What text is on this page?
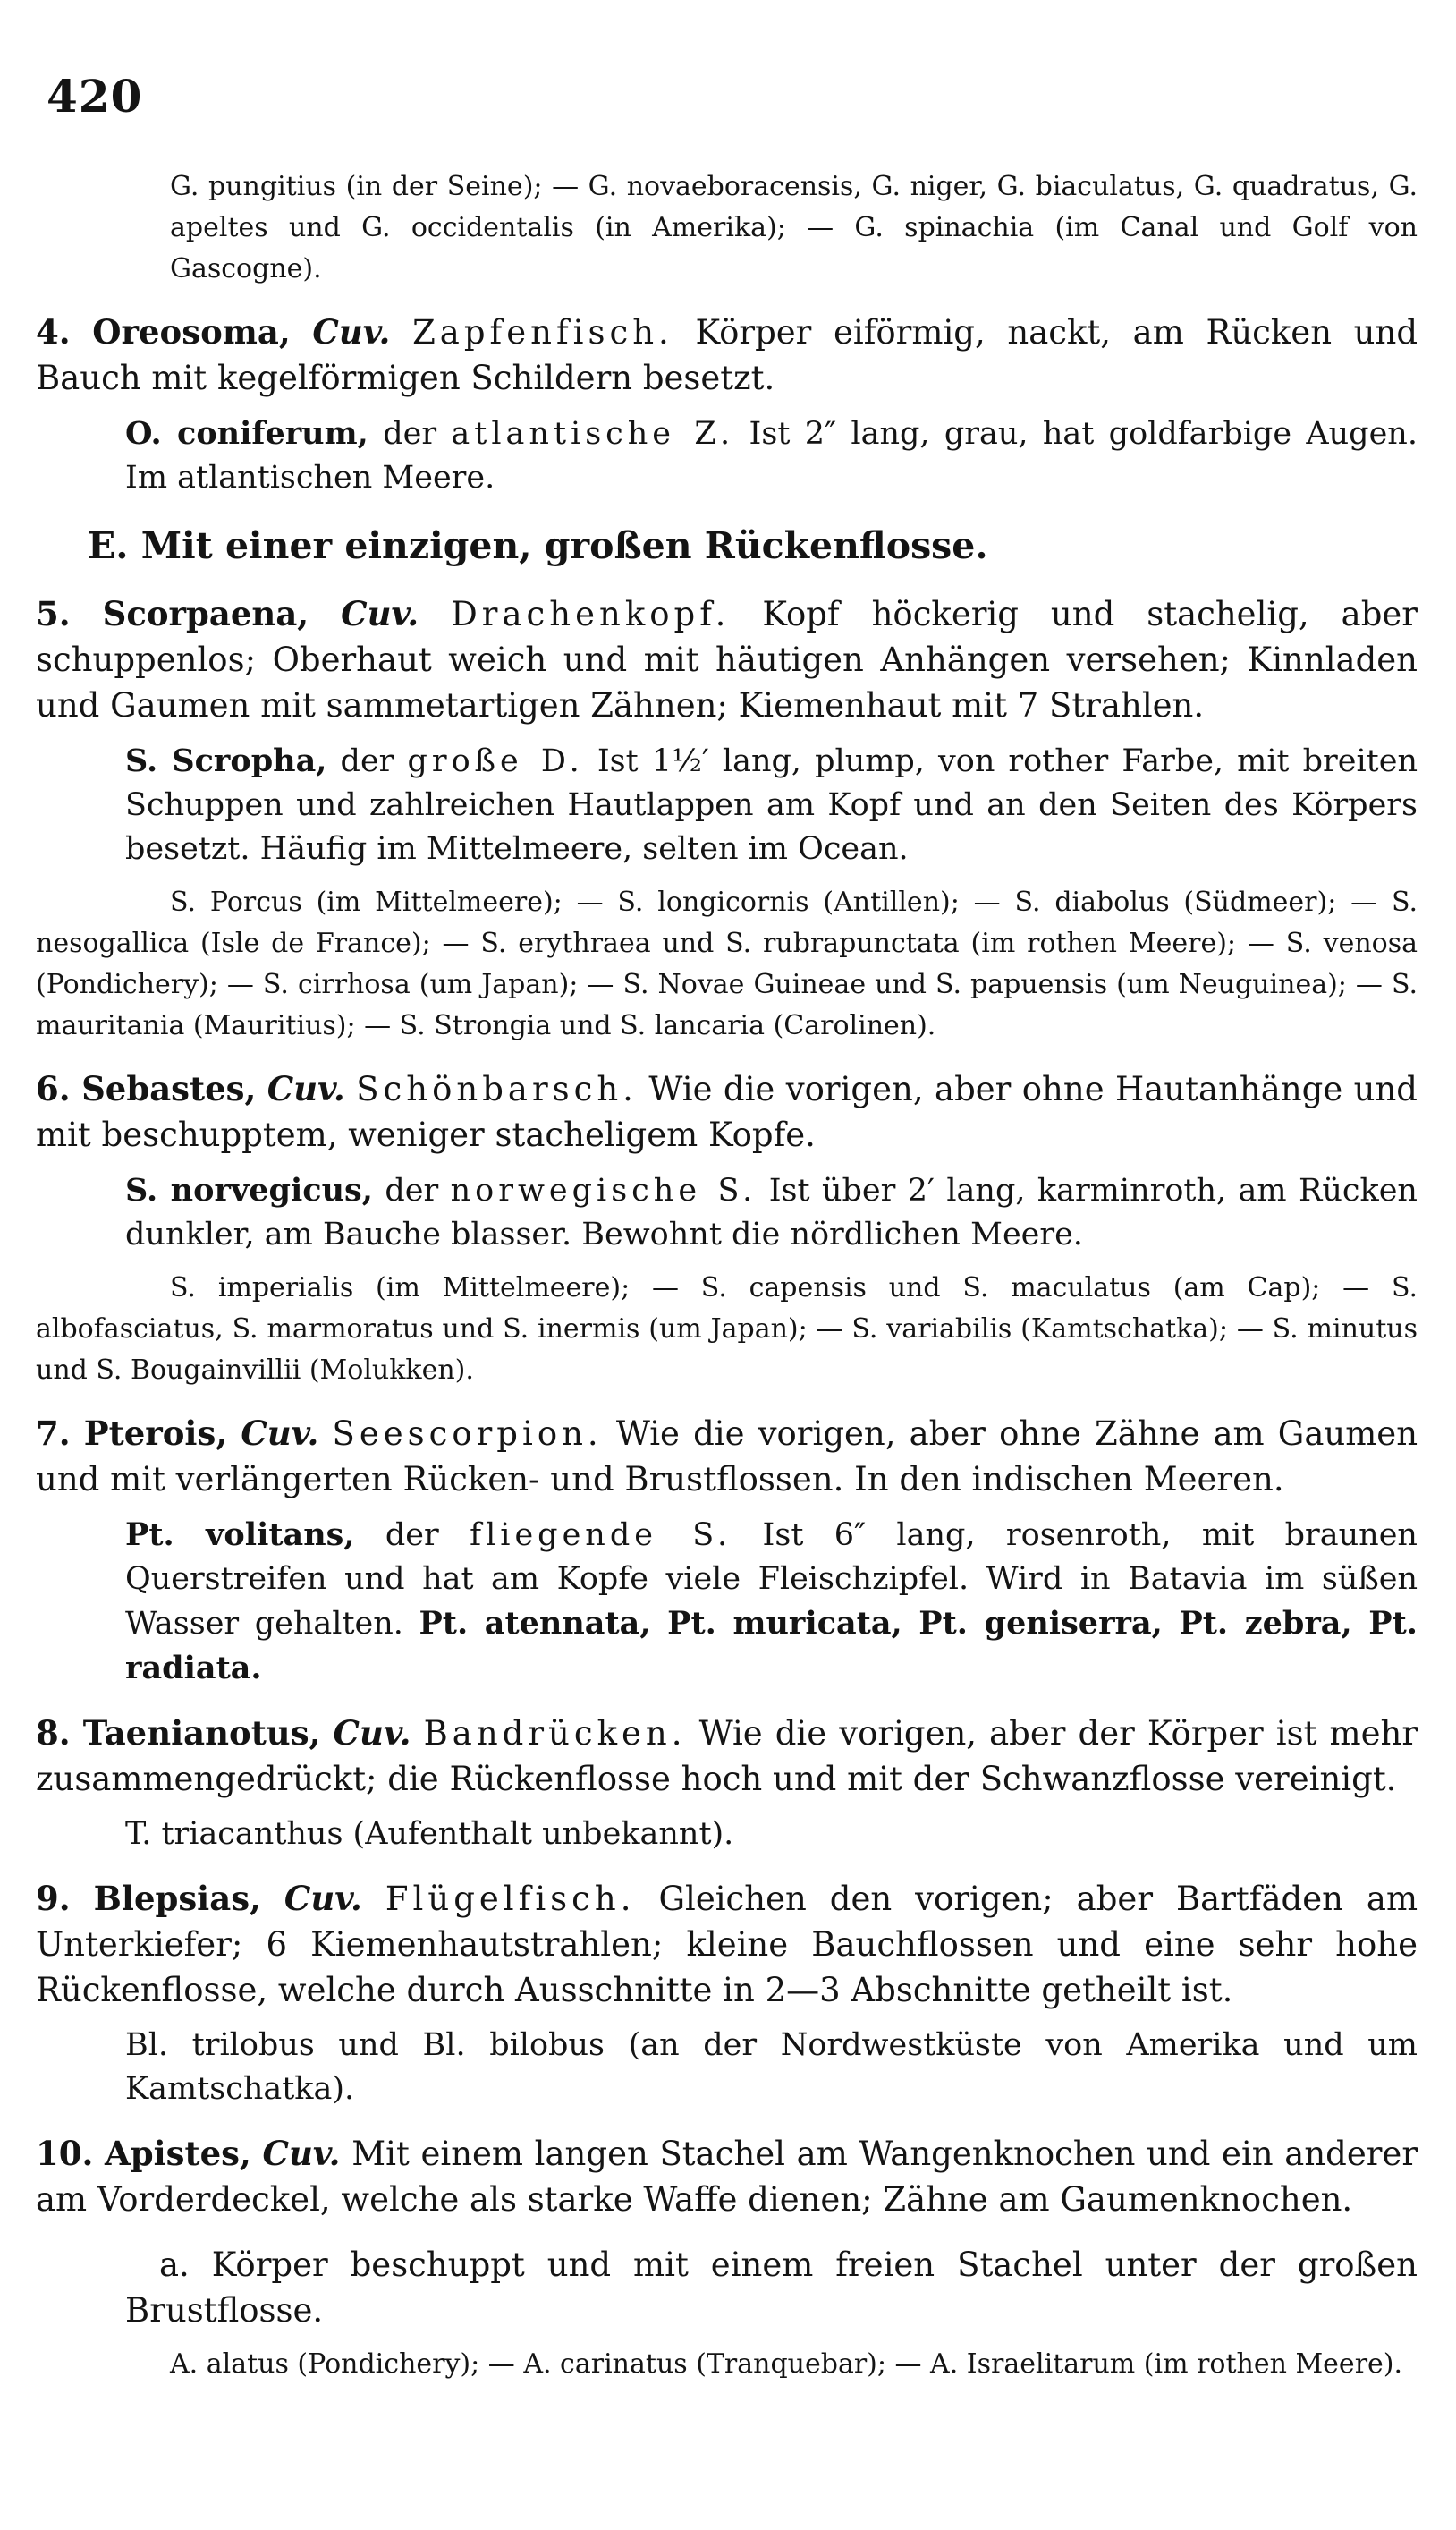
420

G. pungitius (in der Seine); — G. novaeboracensis, G. niger, G. biaculatus, G. quadratus, G. apeltes und G. occidentalis (in Amerika); — G. spinachia (im Canal und Golf von Gascogne).

4. Oreosoma, Cuv. Zapfenfisch. Körper eiförmig, nackt, am Rücken und Bauch mit kegelförmigen Schildern besetzt.

O. coniferum, der atlantische Z. Ist 2″ lang, grau, hat goldfarbige Augen. Im atlantischen Meere.

E. Mit einer einzigen, großen Rückenflosse.

5. Scorpaena, Cuv. Drachenkopf. Kopf höckerig und stachelig, aber schuppenlos; Oberhaut weich und mit häutigen Anhängen versehen; Kinnladen und Gaumen mit sammetartigen Zähnen; Kiemenhaut mit 7 Strahlen.

S. Scropha, der große D. Ist 1½′ lang, plump, von rother Farbe, mit breiten Schuppen und zahlreichen Hautlappen am Kopf und an den Seiten des Körpers besetzt. Häufig im Mittelmeere, selten im Ocean.

S. Porcus (im Mittelmeere); — S. longicornis (Antillen); — S. diabolus (Südmeer); — S. nesogallica (Isle de France); — S. erythraea und S. rubrapunctata (im rothen Meere); — S. venosa (Pondichery); — S. cirrhosa (um Japan); — S. Novae Guineae und S. papuensis (um Neuguinea); — S. mauritania (Mauritius); — S. Strongia und S. lancaria (Carolinen).

6. Sebastes, Cuv. Schönbarsch. Wie die vorigen, aber ohne Hautanhänge und mit beschupptem, weniger stacheligem Kopfe.

S. norvegicus, der norwegische S. Ist über 2′ lang, karminroth, am Rücken dunkler, am Bauche blasser. Bewohnt die nördlichen Meere.

S. imperialis (im Mittelmeere); — S. capensis und S. maculatus (am Cap); — S. albofasciatus, S. marmoratus und S. inermis (um Japan); — S. variabilis (Kamtschatka); — S. minutus und S. Bougainvillii (Molukken).

7. Pterois, Cuv. Seescorpion. Wie die vorigen, aber ohne Zähne am Gaumen und mit verlängerten Rücken- und Brustflossen. In den indischen Meeren.

Pt. volitans, der fliegende S. Ist 6″ lang, rosenroth, mit braunen Querstreifen und hat am Kopfe viele Fleischzipfel. Wird in Batavia im süßen Wasser gehalten. Pt. atennata, Pt. muricata, Pt. geniserra, Pt. zebra, Pt. radiata.

8. Taenianotus, Cuv. Bandrücken. Wie die vorigen, aber der Körper ist mehr zusammengedrückt; die Rückenflosse hoch und mit der Schwanzflosse vereinigt.

T. triacanthus (Aufenthalt unbekannt).

9. Blepsias, Cuv. Flügelfisch. Gleichen den vorigen; aber Bartfäden am Unterkiefer; 6 Kiemenhautstrahlen; kleine Bauchflossen und eine sehr hohe Rückenflosse, welche durch Ausschnitte in 2—3 Abschnitte getheilt ist.

Bl. trilobus und Bl. bilobus (an der Nordwestküste von Amerika und um Kamtschatka).

10. Apistes, Cuv. Mit einem langen Stachel am Wangenknochen und ein anderer am Vorderdeckel, welche als starke Waffe dienen; Zähne am Gaumenknochen.

a. Körper beschuppt und mit einem freien Stachel unter der großen Brustflosse.

A. alatus (Pondichery); — A. carinatus (Tranquebar); — A. Israelitarum (im rothen Meere).
